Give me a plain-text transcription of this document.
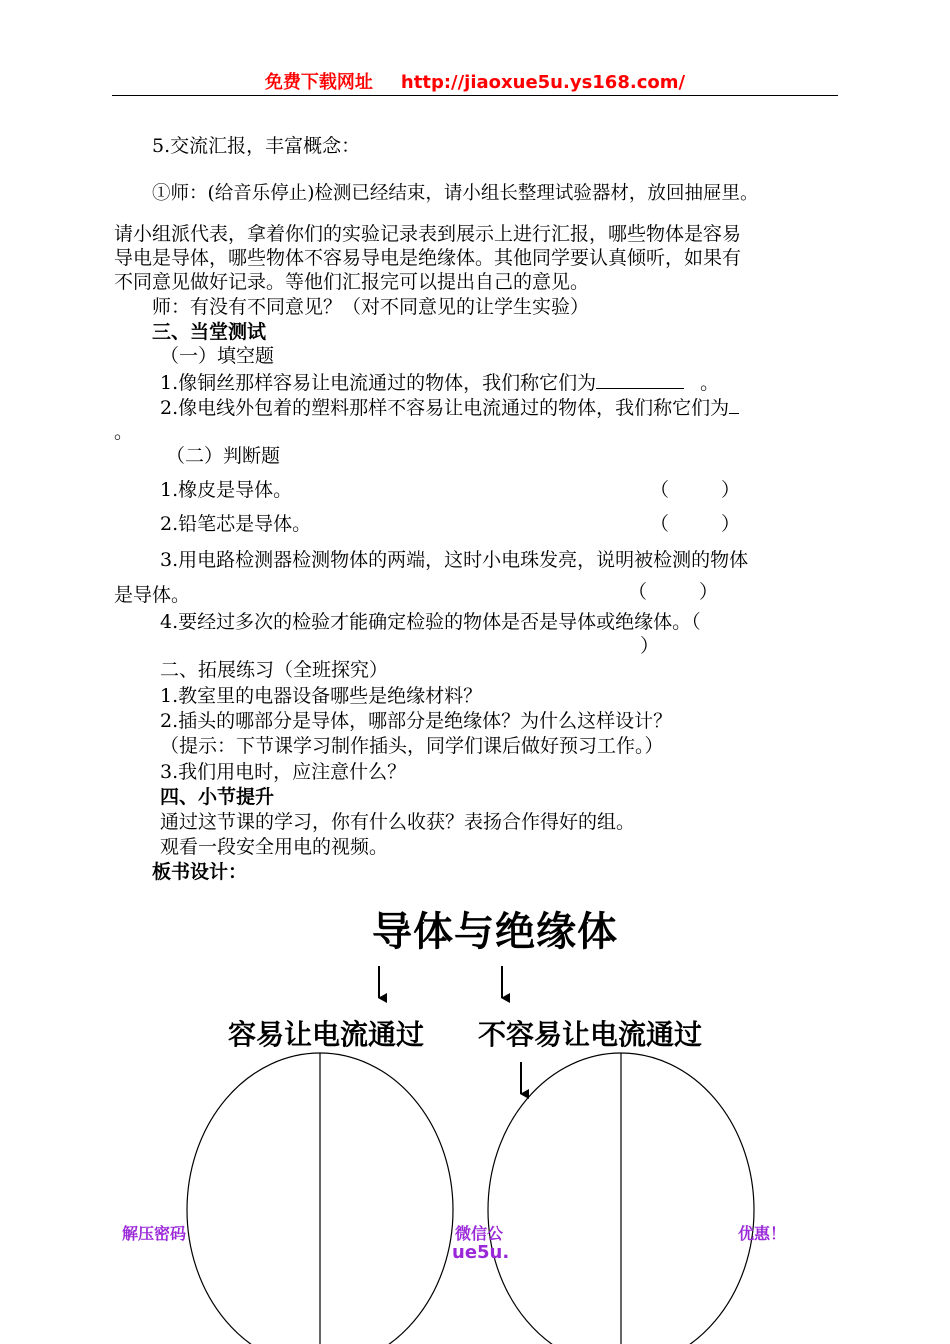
免费下载网址 http://jiaoxue5u.ys168.com/
5.交流汇报，丰富概念：
①师：(给音乐停止)检测已经结束，请小组长整理试验器材，放回抽屉里。
请小组派代表，拿着你们的实验记录表到展示上进行汇报，哪些物体是容易
导电是导体，哪些物体不容易导电是绝缘体。其他同学要认真倾听，如果有
不同意见做好记录。等他们汇报完可以提出自己的意见。
师：有没有不同意见？（对不同意见的让学生实验）
三、当堂测试
（一）填空题
1.像铜丝那样容易让电流通过的物体，我们称它们为	。
2.像电线外包着的塑料那样不容易让电流通过的物体，我们称它们为
。
（二）判断题
1.橡皮是导体。	（	）
2.铅笔芯是导体。	（	）
3.用电路检测器检测物体的两端，这时小电珠发亮，说明被检测的物体
是导体。	（	）
4.要经过多次的检验才能确定检验的物体是否是导体或绝缘体。（
）
二、拓展练习（全班探究）
1.教室里的电器设备哪些是绝缘材料？
2.插头的哪部分是导体，哪部分是绝缘体？为什么这样设计？
（提示：下节课学习制作插头，同学们课后做好预习工作。）
3.我们用电时，应注意什么？
四、小节提升
通过这节课的学习，你有什么收获？表扬合作得好的组。
观看一段安全用电的视频。
板书设计：
导体与绝缘体
容易让电流通过 不容易让电流通过
解压密码	微信公
ue5u.
优惠！
